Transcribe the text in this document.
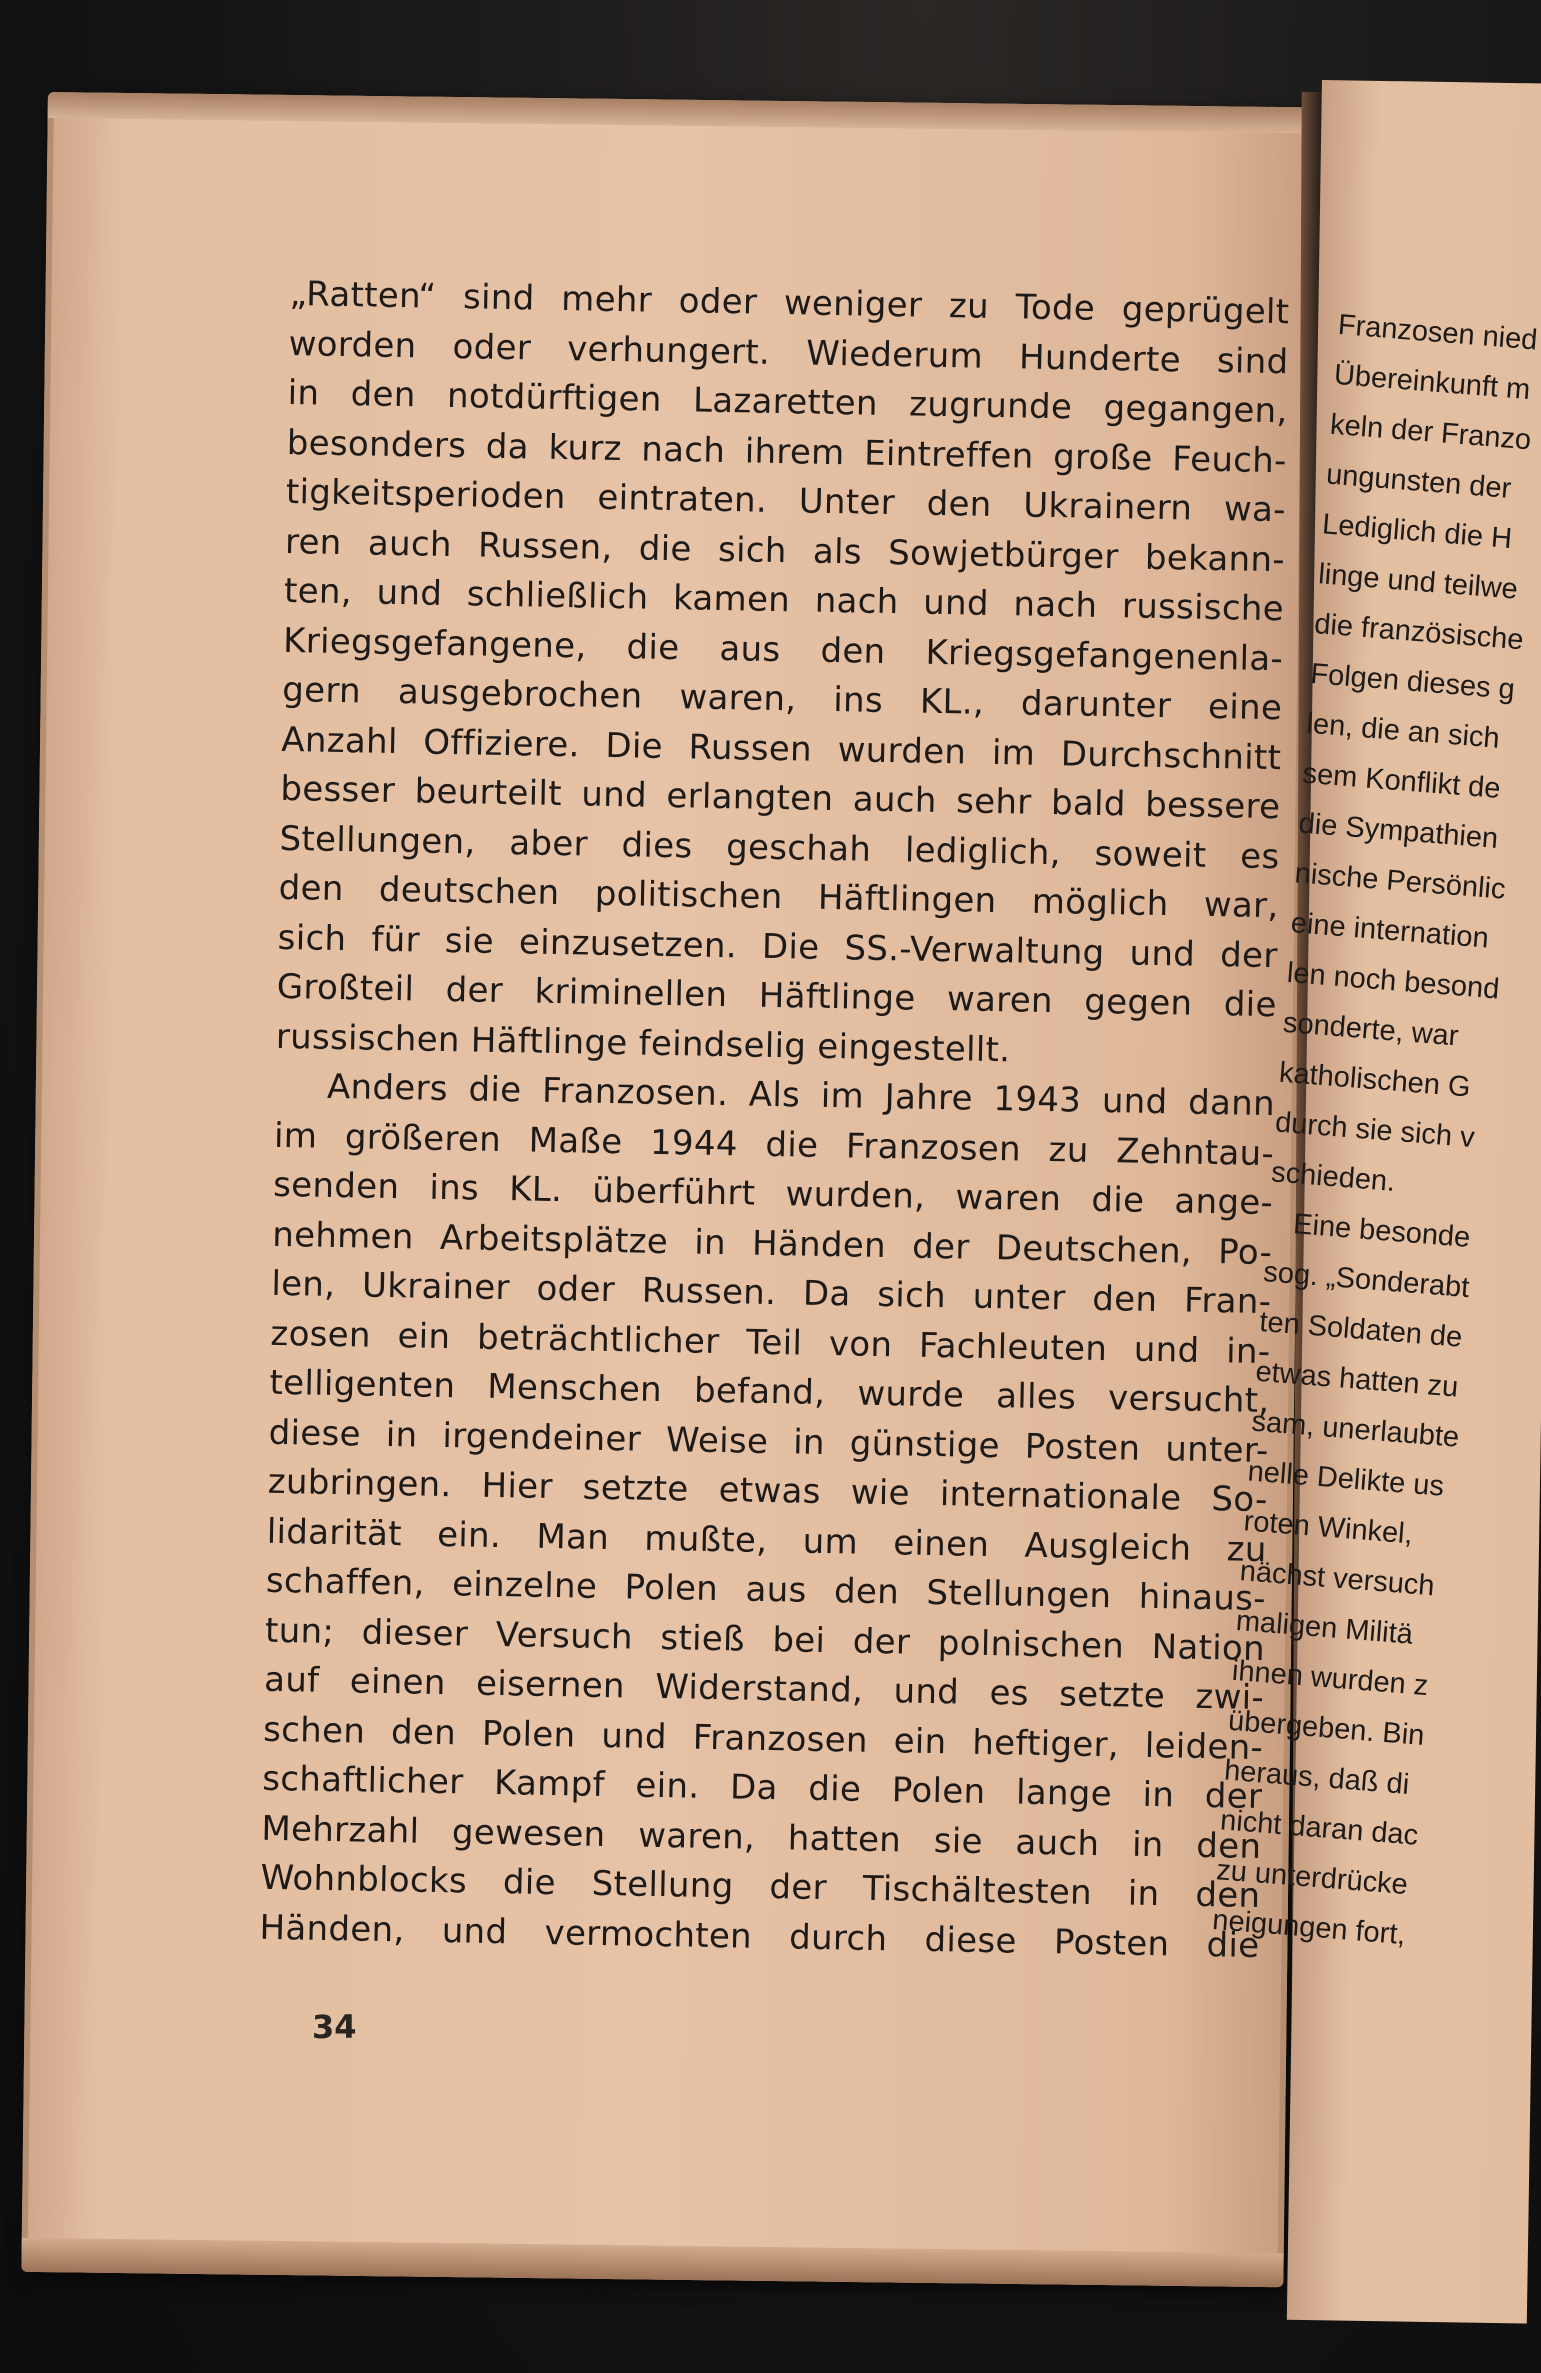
„Ratten“ sind mehr oder weniger zu Tode geprügelt
worden oder verhungert. Wiederum Hunderte sind
in den notdürftigen Lazaretten zugrunde gegangen,
besonders da kurz nach ihrem Eintreffen große Feuch-
tigkeitsperioden eintraten. Unter den Ukrainern wa-
ren auch Russen, die sich als Sowjetbürger bekann-
ten, und schließlich kamen nach und nach russische
Kriegsgefangene, die aus den Kriegsgefangenenla-
gern ausgebrochen waren, ins KL., darunter eine
Anzahl Offiziere. Die Russen wurden im Durchschnitt
besser beurteilt und erlangten auch sehr bald bessere
Stellungen, aber dies geschah lediglich, soweit es
den deutschen politischen Häftlingen möglich war,
sich für sie einzusetzen. Die SS.-Verwaltung und der
Großteil der kriminellen Häftlinge waren gegen die
russischen Häftlinge feindselig eingestellt.
Anders die Franzosen. Als im Jahre 1943 und dann
im größeren Maße 1944 die Franzosen zu Zehntau-
senden ins KL. überführt wurden, waren die ange-
nehmen Arbeitsplätze in Händen der Deutschen, Po-
len, Ukrainer oder Russen. Da sich unter den Fran-
zosen ein beträchtlicher Teil von Fachleuten und in-
telligenten Menschen befand, wurde alles versucht,
diese in irgendeiner Weise in günstige Posten unter-
zubringen. Hier setzte etwas wie internationale So-
lidarität ein. Man mußte, um einen Ausgleich zu
schaffen, einzelne Polen aus den Stellungen hinaus-
tun; dieser Versuch stieß bei der polnischen Nation
auf einen eisernen Widerstand, und es setzte zwi-
schen den Polen und Franzosen ein heftiger, leiden-
schaftlicher Kampf ein. Da die Polen lange in der
Mehrzahl gewesen waren, hatten sie auch in den
Wohnblocks die Stellung der Tischältesten in den
Händen, und vermochten durch diese Posten die
34
Franzosen nied
Übereinkunft m
keln der Franzo
ungunsten der
Lediglich die H
linge und teilwe
die französische
Folgen dieses g
len, die an sich
sem Konflikt de
die Sympathien
nische Persönlic
eine internation
len noch besond
sonderte, war
katholischen G
durch sie sich v
schieden.
Eine besonde
sog. „Sonderabt
ten Soldaten de
etwas hatten zu
sam, unerlaubte
nelle Delikte us
roten Winkel,
nächst versuch
maligen Militä
ihnen wurden z
übergeben. Bin
heraus, daß di
nicht daran dac
zu unterdrücke
neigungen fort,
